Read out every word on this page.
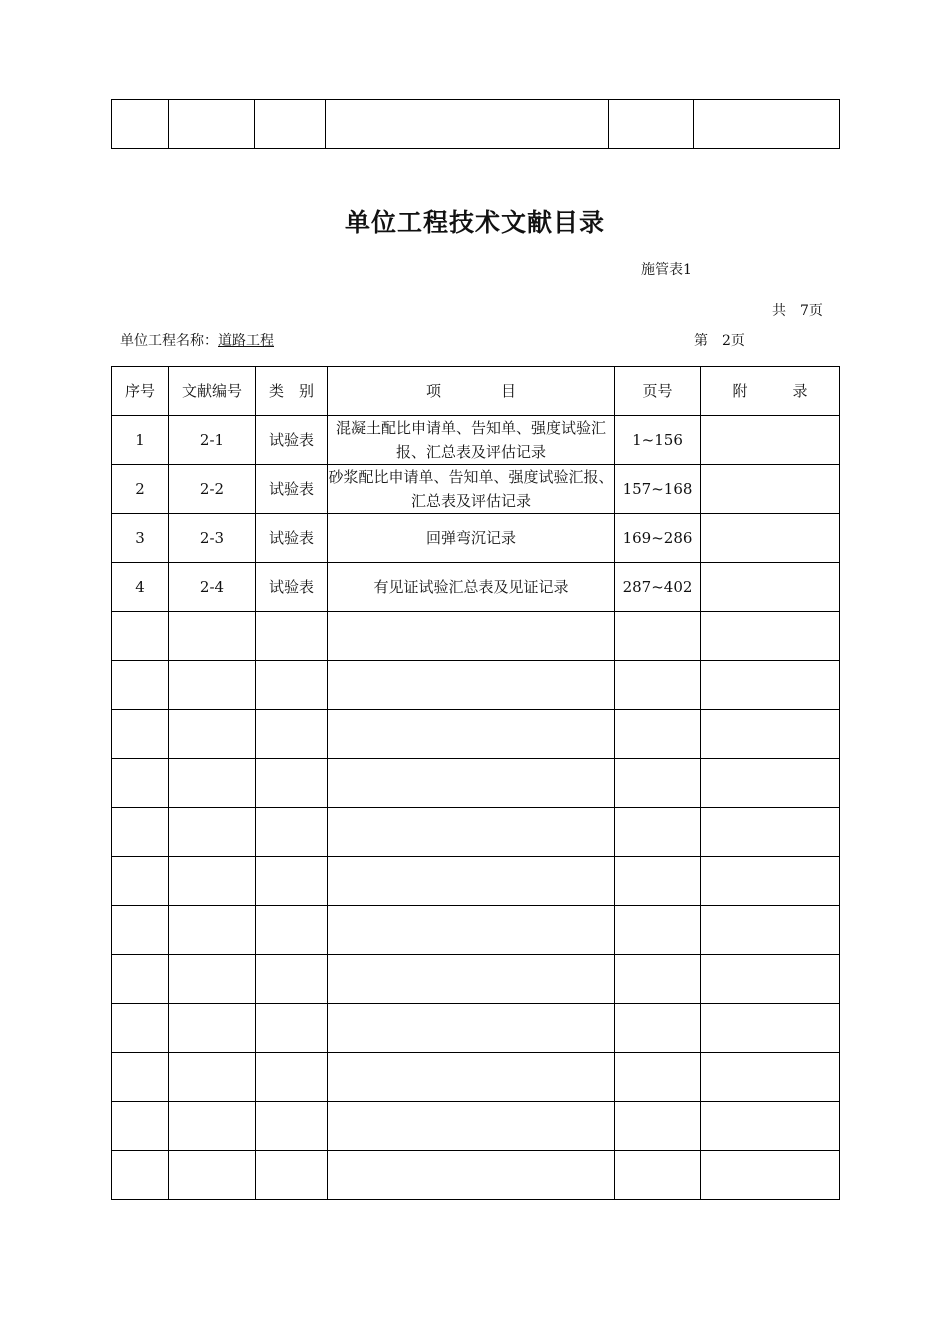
单位工程技术文献目录
施管表1
共　7页
单位工程名称：道路工程	第　2页
序号	文献编号	类　别	项　　　　目	页号	附　　　录
1	2-1	试验表	混凝土配比申请单、告知单、强度试验汇报、汇总表及评估记录	1~156	
2	2-2	试验表	砂浆配比申请单、告知单、强度试验汇报、汇总表及评估记录	157~168	
3	2-3	试验表	回弹弯沉记录	169~286	
4	2-4	试验表	有见证试验汇总表及见证记录	287~402	
